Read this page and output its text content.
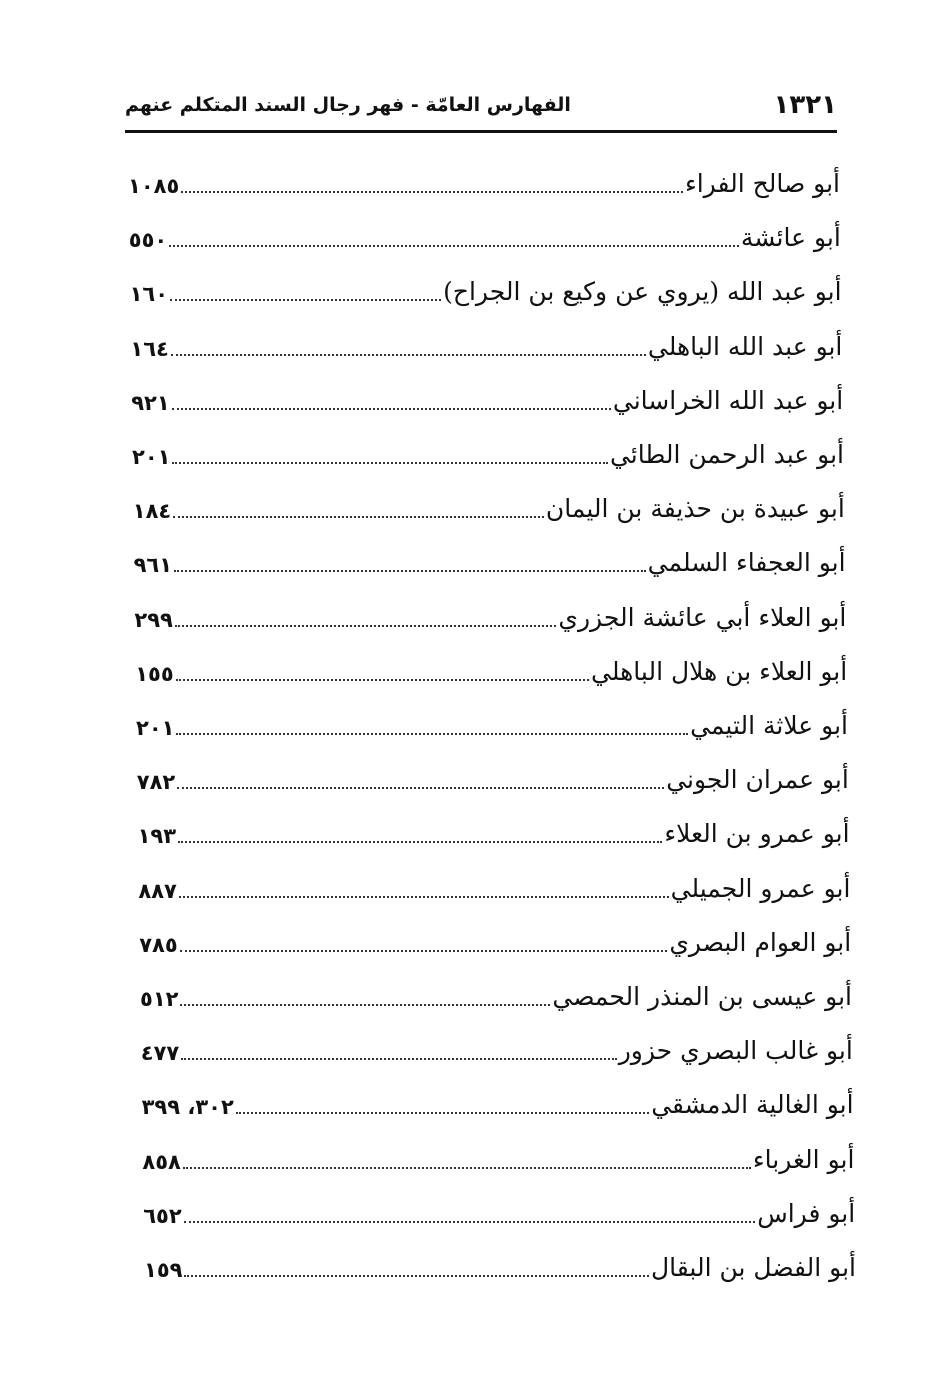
١٣٢١
الفهارس العامّة - فهر رجال السند المتكلم عنهم
أبو صالح الفراء
١٠٨٥
أبو عائشة
٥٥٠
أبو عبد الله (يروي عن وكيع بن الجراح)
١٦٠
أبو عبد الله الباهلي
١٦٤
أبو عبد الله الخراساني
٩٢١
أبو عبد الرحمن الطائي
٢٠١
أبو عبيدة بن حذيفة بن اليمان
١٨٤
أبو العجفاء السلمي
٩٦١
أبو العلاء أبي عائشة الجزري
٢٩٩
أبو العلاء بن هلال الباهلي
١٥٥
أبو علاثة التيمي
٢٠١
أبو عمران الجوني
٧٨٢
أبو عمرو بن العلاء
١٩٣
أبو عمرو الجميلي
٨٨٧
أبو العوام البصري
٧٨٥
أبو عيسى بن المنذر الحمصي
٥١٢
أبو غالب البصري حزور
٤٧٧
أبو الغالية الدمشقي
٣٠٢، ٣٩٩
أبو الغرباء
٨٥٨
أبو فراس
٦٥٢
أبو الفضل بن البقال
١٥٩
